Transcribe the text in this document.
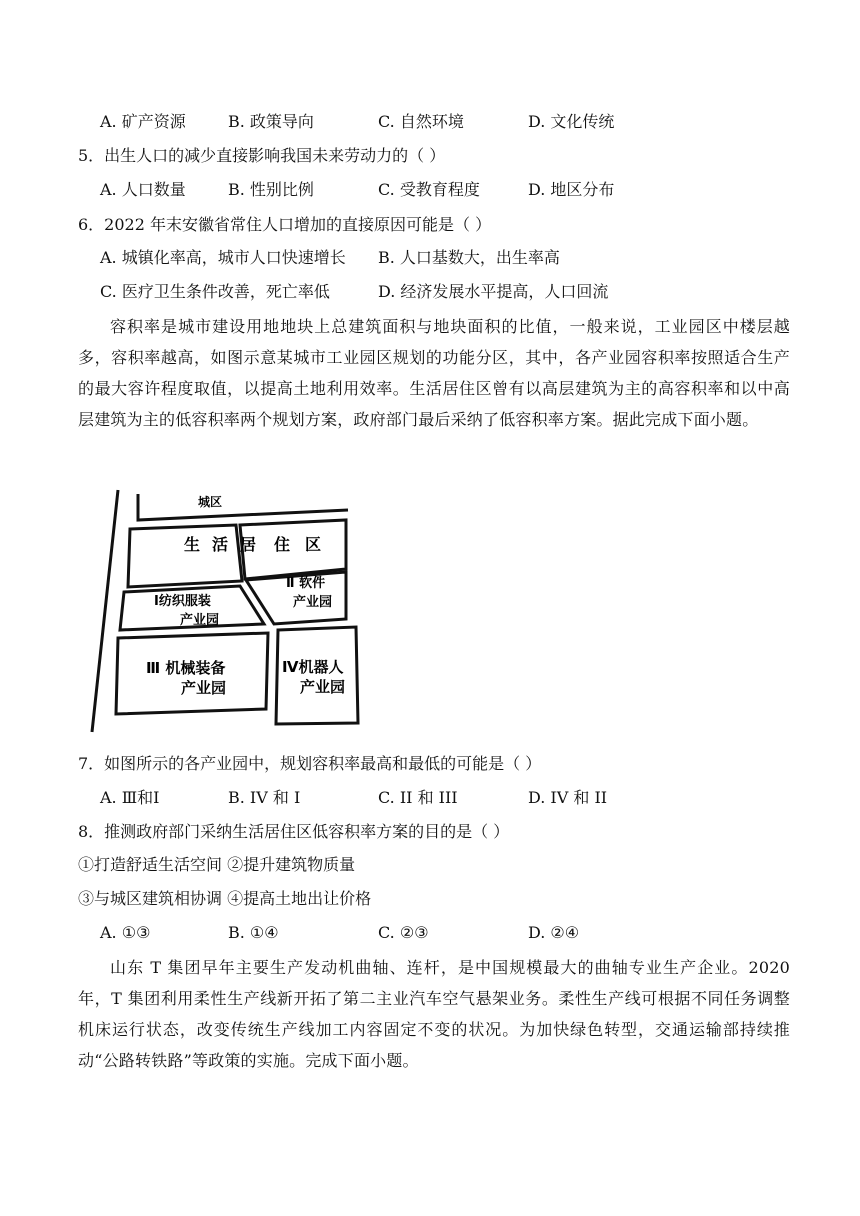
A. 矿产资源	B. 政策导向	C. 自然环境	D. 文化传统
5．出生人口的减少直接影响我国未来劳动力的（ ）
A. 人口数量	B. 性别比例	C. 受教育程度	D. 地区分布
6．2022 年末安徽省常住人口增加的直接原因可能是（ ）
A. 城镇化率高，城市人口快速增长 B. 人口基数大，出生率高
C. 医疗卫生条件改善，死亡率低	D. 经济发展水平提高，人口回流
容积率是城市建设用地地块上总建筑面积与地块面积的比值，一般来说，工业园区中楼层越多，容积率越高，如图示意某城市工业园区规划的功能分区，其中，各产业园容积率按照适合生产的最大容许程度取值，以提高土地利用效率。生活居住区曾有以高层建筑为主的高容积率和以中高层建筑为主的低容积率两个规划方案，政府部门最后采纳了低容积率方案。据此完成下面小题。
城区
生 活 居 住 区
Ⅰ纺织服装
产业园
Ⅱ 软件
产业园
Ⅲ 机械装备
产业园
Ⅳ机器人
产业园
7．如图所示的各产业园中，规划容积率最高和最低的可能是（ ）
A. Ⅲ和Ⅰ	B. IV 和 I	C. II 和 III	D. IV 和 II
8．推测政府部门采纳生活居住区低容积率方案的目的是（ ）
①打造舒适生活空间 ②提升建筑物质量
③与城区建筑相协调 ④提高土地出让价格
A. ①③	B. ①④	C. ②③	D. ②④
山东 T 集团早年主要生产发动机曲轴、连杆，是中国规模最大的曲轴专业生产企业。2020 年，T 集团利用柔性生产线新开拓了第二主业汽车空气悬架业务。柔性生产线可根据不同任务调整机床运行状态，改变传统生产线加工内容固定不变的状况。为加快绿色转型，交通运输部持续推动“公路转铁路”等政策的实施。完成下面小题。
